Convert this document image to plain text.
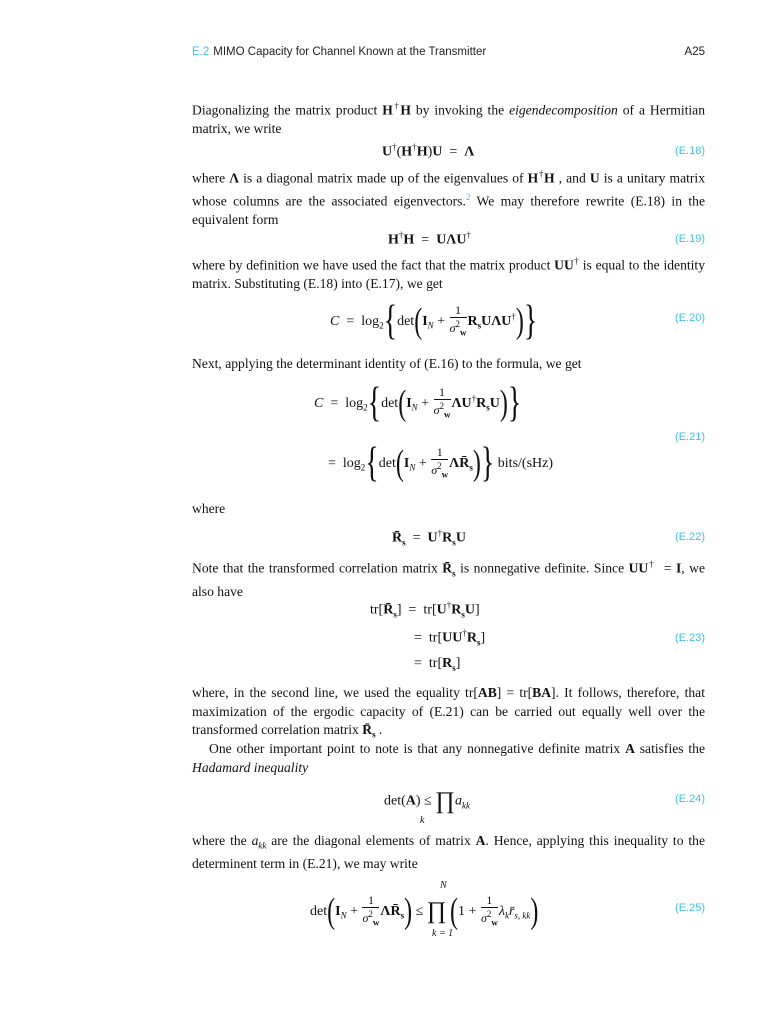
E.2 MIMO Capacity for Channel Known at the Transmitter	A25

Diagonalizing the matrix product H†H by invoking the eigendecomposition of a Hermitian matrix, we write

U†(H†H)U  =  Λ	(E.18)

where Λ is a diagonal matrix made up of the eigenvalues of H†H , and U is a unitary matrix whose columns are the associated eigenvectors.$^2$ We may therefore rewrite (E.18) in the equivalent form

H†H  =  UΛU†	(E.19)

where by definition we have used the fact that the matrix product UU† is equal to the identity matrix. Substituting (E.18) into (E.17), we get

$C = \log_2\{\det(I_N + \frac{1}{\sigma^2_w} R_sU\Lambda U^\dagger)\}$	(E.20)

Next, applying the determinant identity of (E.16) to the formula, we get

$C = \log_2\{\det(I_N + \frac{1}{\sigma^2_w} \Lambda U^\dagger R_sU)\}$
=  $\log_2\{\det(I_N + \frac{1}{\sigma^2_w}$ $\Lambda R̄_s$)} bits/(sHz)
(E.21)

where

$R̄_s = U^\dagger R_sU$	(E.22)

Note that the transformed correlation matrix $R̄_s$ is nonnegative definite. Since UU†  = I, we also have

$tr[R̄_s] = tr[U^\dagger R_sU]$
=  $tr[UU^\dagger R_s]$
=  $tr[R_s]$
(E.23)

where, in the second line, we used the equality tr[AB] = tr[BA]. It follows, therefore, that maximization of the ergodic capacity of (E.21) can be carried out equally well over the transformed correlation matrix $R̄_s$ .

One other important point to note is that any nonnegative definite matrix A satisfies the Hadamard inequality

$\det(A) \le \prod a_{kk}$
k
(E.24)

where the $a_{kk}$ are the diagonal elements of matrix A. Hence, applying this inequality to the determinent term in (E.21), we may write

N
$\det(I_N + \frac{1}{\sigma^2_w}$ $\Lambda R̄_s$) ≤ ∏ ($1 + \frac{1}{\sigma^2_w}$ $\lambda_kr̄_{s, kk}$)
k = 1
(E.25)
